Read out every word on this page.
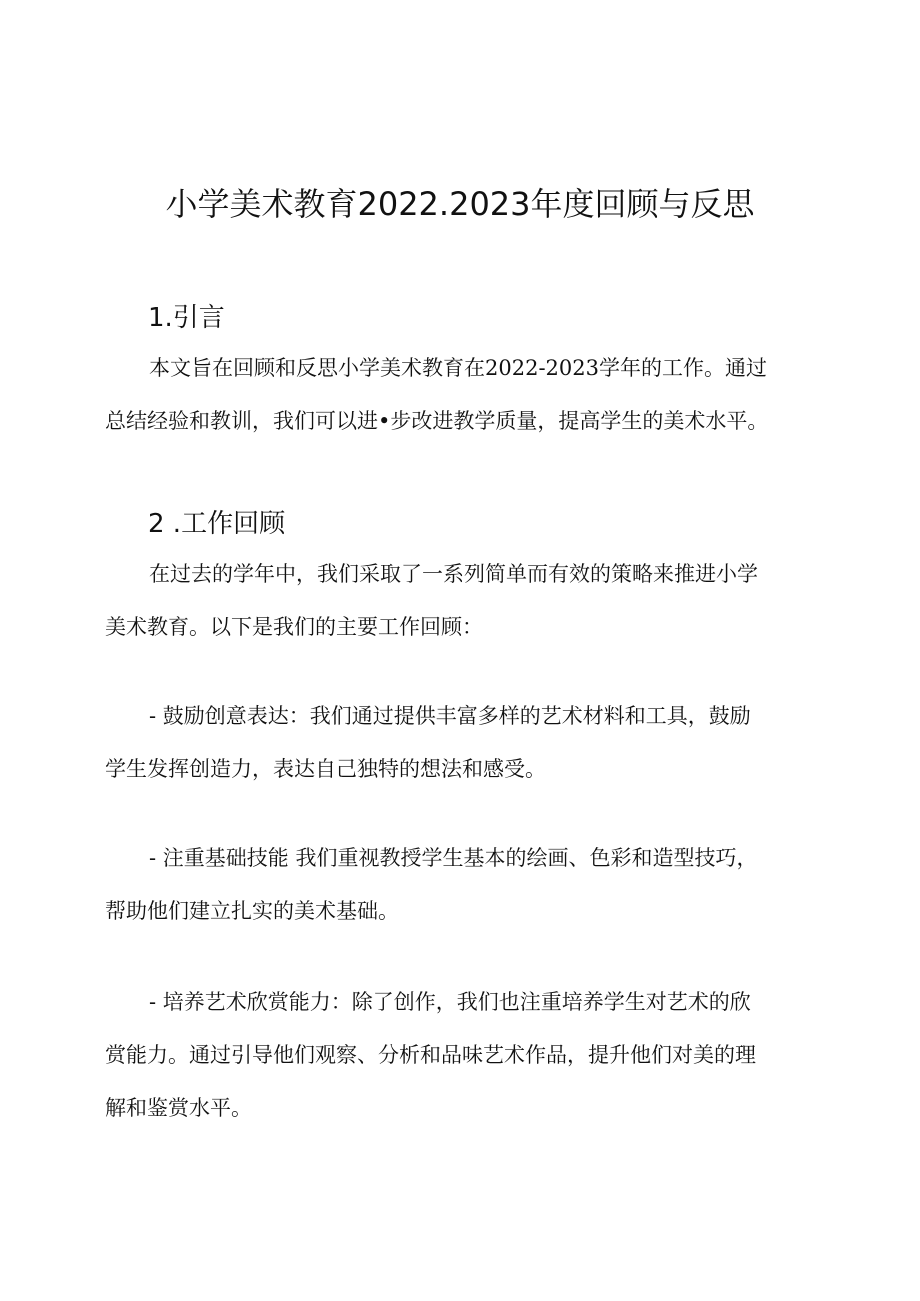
小学美术教育2022.2023年度回顾与反思
1.引言
本文旨在回顾和反思小学美术教育在2022-2023学年的工作。通过
总结经验和教训，我们可以进•步改进教学质量，提高学生的美术水平。
2 .工作回顾
在过去的学年中，我们采取了一系列简单而有效的策略来推进小学
美术教育。以下是我们的主要工作回顾：
- 鼓励创意表达：我们通过提供丰富多样的艺术材料和工具，鼓励
学生发挥创造力，表达自己独特的想法和感受。
- 注重基础技能 我们重视教授学生基本的绘画、色彩和造型技巧，
帮助他们建立扎实的美术基础。
- 培养艺术欣赏能力：除了创作，我们也注重培养学生对艺术的欣
赏能力。通过引导他们观察、分析和品味艺术作品，提升他们对美的理
解和鉴赏水平。
